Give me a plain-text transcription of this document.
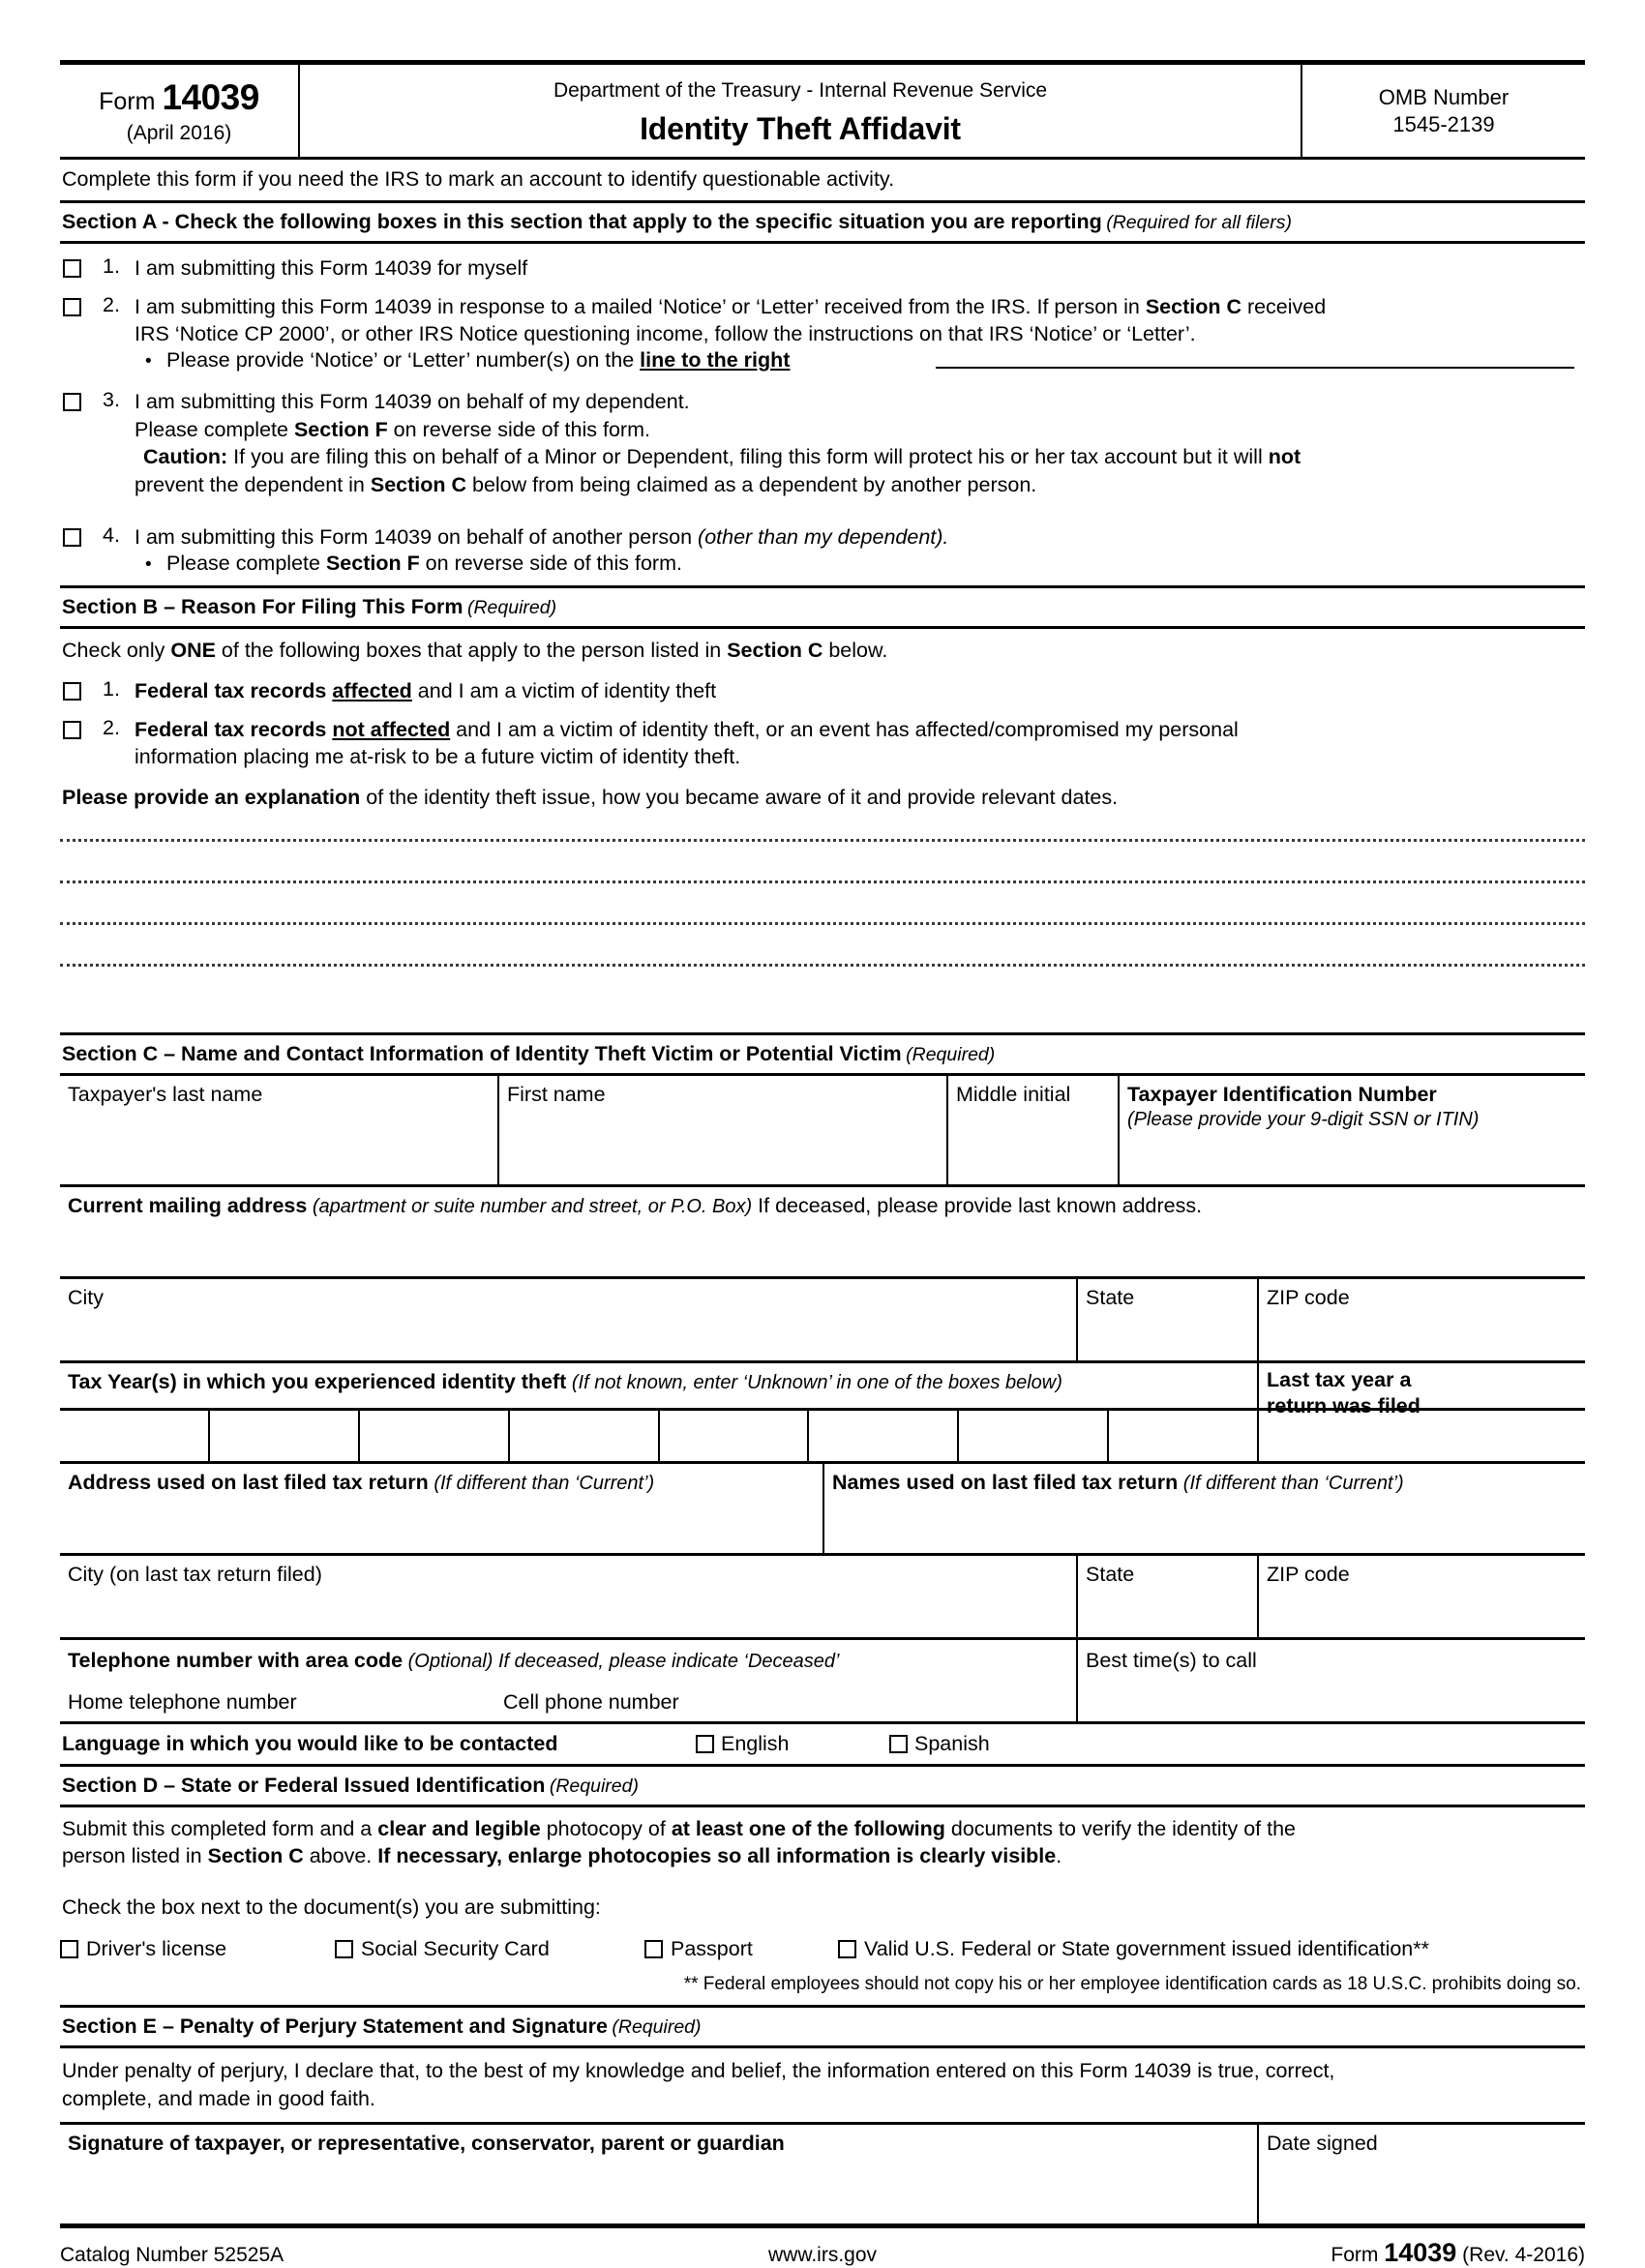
Form 14039
(April 2016)
Department of the Treasury - Internal Revenue Service
Identity Theft Affidavit
OMB Number
1545-2139
Complete this form if you need the IRS to mark an account to identify questionable activity.
Section A - Check the following boxes in this section that apply to the specific situation you are reporting (Required for all filers)
1. I am submitting this Form 14039 for myself
2. I am submitting this Form 14039 in response to a mailed ‘Notice’ or ‘Letter’ received from the IRS. If person in Section C received
IRS ‘Notice CP 2000’, or other IRS Notice questioning income, follow the instructions on that IRS ‘Notice’ or ‘Letter’.
• Please provide ‘Notice’ or ‘Letter’ number(s) on the line to the right
3. I am submitting this Form 14039 on behalf of my dependent.
Please complete Section F on reverse side of this form.
Caution: If you are filing this on behalf of a Minor or Dependent, filing this form will protect his or her tax account but it will not
prevent the dependent in Section C below from being claimed as a dependent by another person.
4. I am submitting this Form 14039 on behalf of another person (other than my dependent).
• Please complete Section F on reverse side of this form.
Section B – Reason For Filing This Form (Required)
Check only ONE of the following boxes that apply to the person listed in Section C below.
1. Federal tax records affected and I am a victim of identity theft
2. Federal tax records not affected and I am a victim of identity theft, or an event has affected/compromised my personal
information placing me at-risk to be a future victim of identity theft.
Please provide an explanation of the identity theft issue, how you became aware of it and provide relevant dates.
Section C – Name and Contact Information of Identity Theft Victim or Potential Victim (Required)
Taxpayer's last name	First name	Middle initial	Taxpayer Identification Number
(Please provide your 9-digit SSN or ITIN)
Current mailing address (apartment or suite number and street, or P.O. Box) If deceased, please provide last known address.
City	State	ZIP code
Tax Year(s) in which you experienced identity theft (If not known, enter ‘Unknown’ in one of the boxes below)	Last tax year a
return was filed
Address used on last filed tax return (If different than ‘Current’)	Names used on last filed tax return (If different than ‘Current’)
City (on last tax return filed)	State	ZIP code
Telephone number with area code (Optional) If deceased, please indicate ‘Deceased’
Home telephone number	Cell phone number
Best time(s) to call
Language in which you would like to be contacted	English	Spanish
Section D – State or Federal Issued Identification (Required)
Submit this completed form and a clear and legible photocopy of at least one of the following documents to verify the identity of the
person listed in Section C above. If necessary, enlarge photocopies so all information is clearly visible.
Check the box next to the document(s) you are submitting:
Driver's license	Social Security Card	Passport	Valid U.S. Federal or State government issued identification**
** Federal employees should not copy his or her employee identification cards as 18 U.S.C. prohibits doing so.
Section E – Penalty of Perjury Statement and Signature (Required)
Under penalty of perjury, I declare that, to the best of my knowledge and belief, the information entered on this Form 14039 is true, correct,
complete, and made in good faith.
Signature of taxpayer, or representative, conservator, parent or guardian	Date signed
Catalog Number 52525A	www.irs.gov	Form 14039 (Rev. 4-2016)
